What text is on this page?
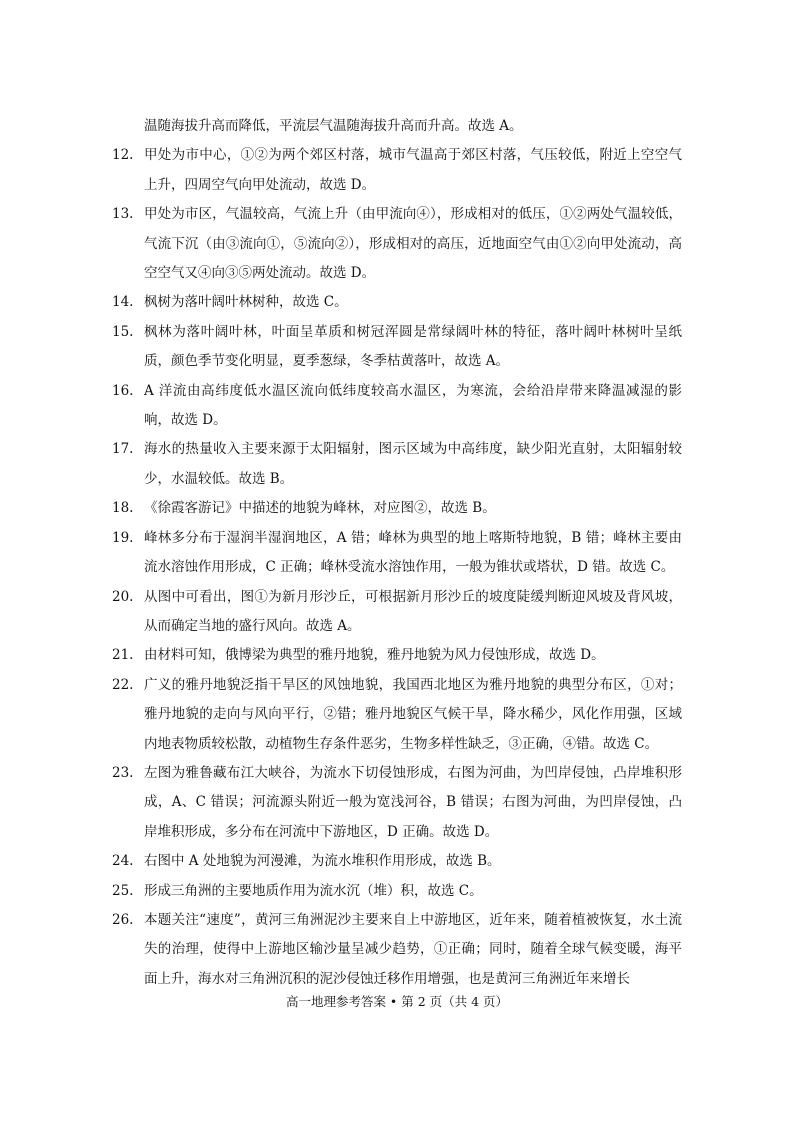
温随海拔升高而降低，平流层气温随海拔升高而升高。故选 A。
12. 甲处为市中心，①②为两个郊区村落，城市气温高于郊区村落，气压较低，附近上空空气上升，四周空气向甲处流动，故选 D。
13. 甲处为市区，气温较高，气流上升（由甲流向④），形成相对的低压，①②两处气温较低，气流下沉（由③流向①，⑤流向②），形成相对的高压，近地面空气由①②向甲处流动，高空空气又④向③⑤两处流动。故选 D。
14. 枫树为落叶阔叶林树种，故选 C。
15. 枫林为落叶阔叶林，叶面呈革质和树冠浑圆是常绿阔叶林的特征，落叶阔叶林树叶呈纸质，颜色季节变化明显，夏季葱绿，冬季枯黄落叶，故选 A。
16. A 洋流由高纬度低水温区流向低纬度较高水温区，为寒流，会给沿岸带来降温减湿的影响，故选 D。
17. 海水的热量收入主要来源于太阳辐射，图示区域为中高纬度，缺少阳光直射，太阳辐射较少，水温较低。故选 B。
18. 《徐霞客游记》中描述的地貌为峰林，对应图②，故选 B。
19. 峰林多分布于湿润半湿润地区，A 错；峰林为典型的地上喀斯特地貌，B 错；峰林主要由流水溶蚀作用形成，C 正确；峰林受流水溶蚀作用，一般为锥状或塔状，D 错。故选 C。
20. 从图中可看出，图①为新月形沙丘，可根据新月形沙丘的坡度陡缓判断迎风坡及背风坡，从而确定当地的盛行风向。故选 A。
21. 由材料可知，俄博梁为典型的雅丹地貌，雅丹地貌为风力侵蚀形成，故选 D。
22. 广义的雅丹地貌泛指干旱区的风蚀地貌，我国西北地区为雅丹地貌的典型分布区，①对；雅丹地貌的走向与风向平行，②错；雅丹地貌区气候干旱，降水稀少，风化作用强，区域内地表物质较松散，动植物生存条件恶劣，生物多样性缺乏，③正确，④错。故选 C。
23. 左图为雅鲁藏布江大峡谷，为流水下切侵蚀形成，右图为河曲，为凹岸侵蚀，凸岸堆积形成，A、C 错误；河流源头附近一般为宽浅河谷，B 错误；右图为河曲，为凹岸侵蚀，凸岸堆积形成，多分布在河流中下游地区，D 正确。故选 D。
24. 右图中 A 处地貌为河漫滩，为流水堆积作用形成，故选 B。
25. 形成三角洲的主要地质作用为流水沉（堆）积，故选 C。
26. 本题关注“速度”，黄河三角洲泥沙主要来自上中游地区，近年来，随着植被恢复，水土流失的治理，使得中上游地区输沙量呈减少趋势，①正确；同时，随着全球气候变暖，海平面上升，海水对三角洲沉积的泥沙侵蚀迁移作用增强，也是黄河三角洲近年来增长
高一地理参考答案 • 第 2 页（共 4 页）
